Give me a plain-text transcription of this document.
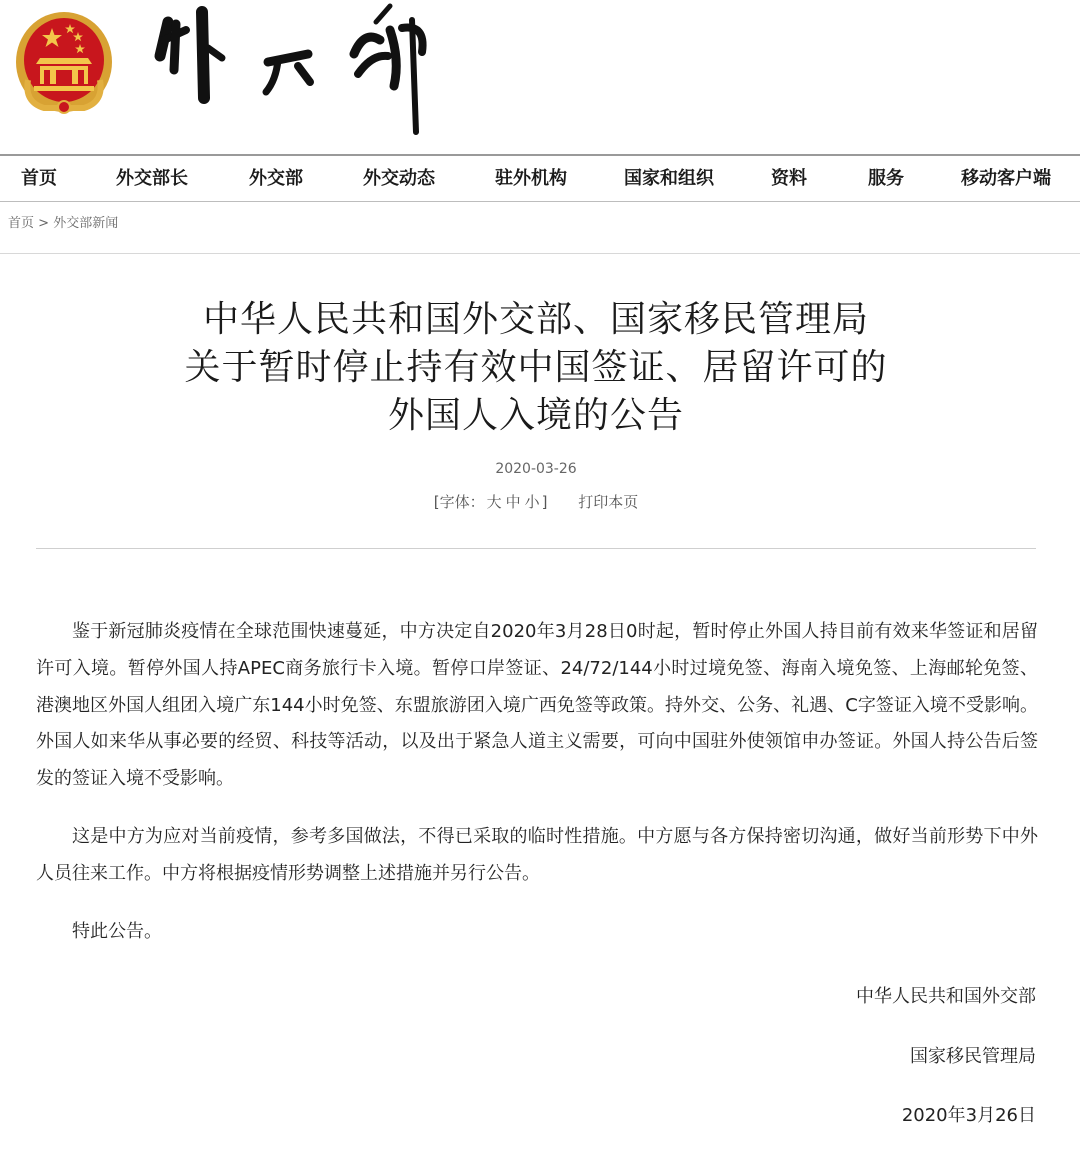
首页	外交部长	外交部	外交动态	驻外机构	国家和组织	资料	服务	移动客户端
首页 > 外交部新闻
中华人民共和国外交部、国家移民管理局
关于暂时停止持有效中国签证、居留许可的
外国人入境的公告
2020-03-26
[字体： 大 中 小 ] 打印本页

鉴于新冠肺炎疫情在全球范围快速蔓延，中方决定自2020年3月28日0时起，暂时停止外国人持目前有效来华签证和居留许可入境。暂停外国人持APEC商务旅行卡入境。暂停口岸签证、24/72/144小时过境免签、海南入境免签、上海邮轮免签、港澳地区外国人组团入境广东144小时免签、东盟旅游团入境广西免签等政策。持外交、公务、礼遇、C字签证入境不受影响。外国人如来华从事必要的经贸、科技等活动，以及出于紧急人道主义需要，可向中国驻外使领馆申办签证。外国人持公告后签发的签证入境不受影响。

这是中方为应对当前疫情，参考多国做法，不得已采取的临时性措施。中方愿与各方保持密切沟通，做好当前形势下中外人员往来工作。中方将根据疫情形势调整上述措施并另行公告。

特此公告。

中华人民共和国外交部
国家移民管理局
2020年3月26日
